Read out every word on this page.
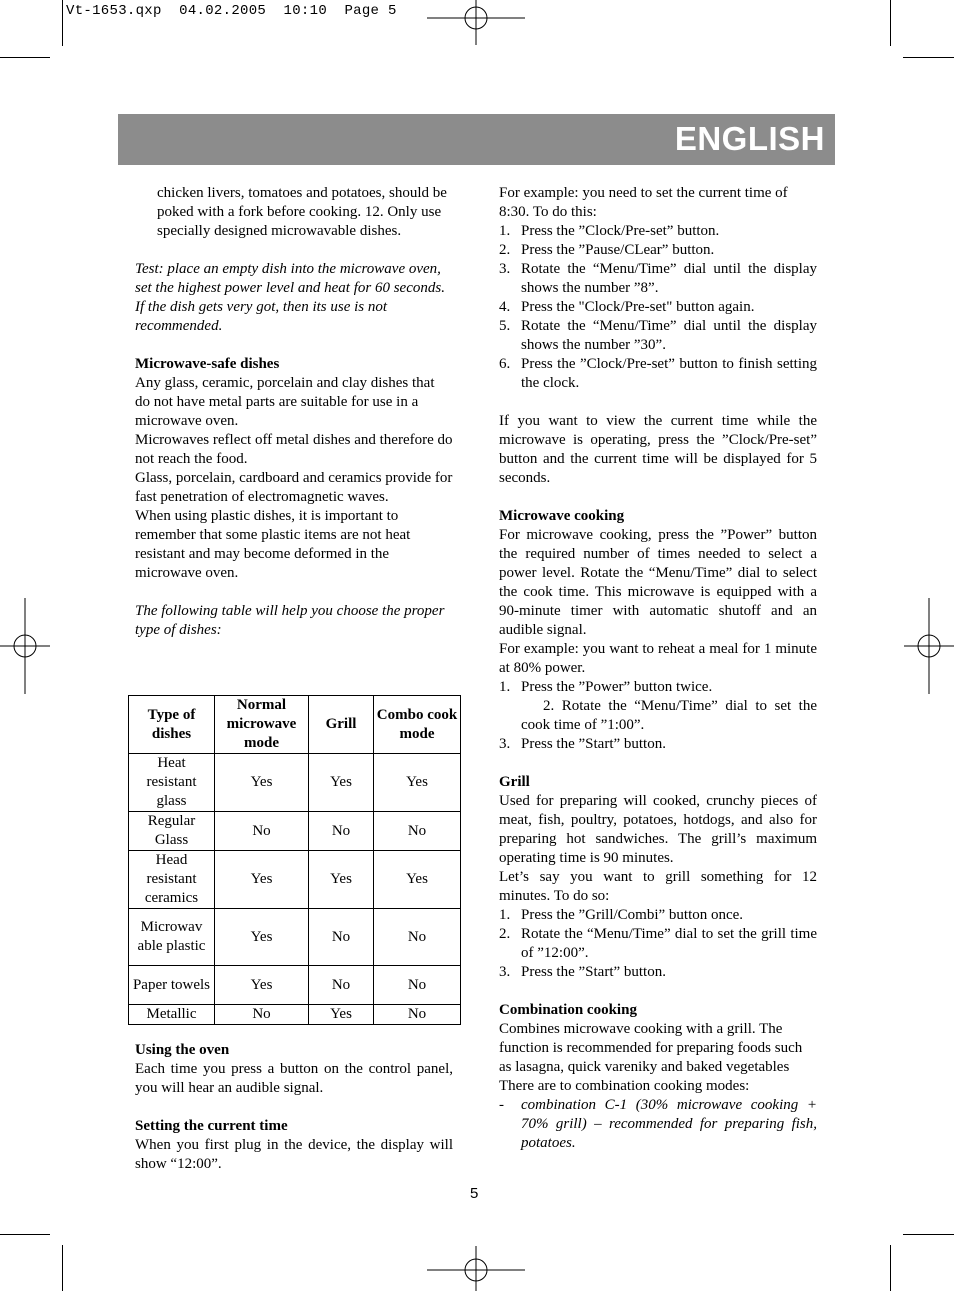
Vt-1653.qxp  04.02.2005  10:10  Page 5
ENGLISH

chicken livers, tomatoes and potatoes, should be poked with a fork before cooking. 12. Only use specially designed microwavable dishes.

Test: place an empty dish into the microwave oven, set the highest power level and heat for 60 seconds. If the dish gets very got, then its use is not recommended.

Microwave-safe dishes

Any glass, ceramic, porcelain and clay dishes that do not have metal parts are suitable for use in a microwave oven.

Microwaves reflect off metal dishes and therefore do not reach the food.

Glass, porcelain, cardboard and ceramics provide for fast penetration of electromagnetic waves.

When using plastic dishes, it is important to remember that some plastic items are not heat resistant and may become deformed in the microwave oven.

The following table will help you choose the proper type of dishes:

Type of dishes	Normal microwave mode	Grill	Combo cook mode
Heat resistant glass	Yes	Yes	Yes
Regular Glass	No	No	No
Head resistant ceramics	Yes	Yes	Yes
Microwav able plastic	Yes	No	No
Paper towels	Yes	No	No
Metallic	No	Yes	No

Using the oven

Each time you press a button on the control panel, you will hear an audible signal.

Setting the current time

When you first plug in the device, the display will show “12:00”.

For example: you need to set the current time of 8:30. To do this:

1. Press the ”Clock/Pre-set” button.
2. Press the ”Pause/CLear” button.
3. Rotate the “Menu/Time” dial until the display shows the number ”8”.
4. Press the "Clock/Pre-set" button again.
5. Rotate the “Menu/Time” dial until the display shows the number ”30”.
6. Press the ”Clock/Pre-set” button to finish setting the clock.

If you want to view the current time while the microwave is operating, press the ”Clock/Pre-set” button and the current time will be displayed for 5 seconds.

Microwave cooking

For microwave cooking, press the ”Power” button the required number of times needed to select a power level. Rotate the “Menu/Time” dial to select the cook time. This microwave is equipped with a 90-minute timer with automatic shutoff and an audible signal.

For example: you want to reheat a meal for 1 minute at 80% power.

1. Press the ”Power” button twice.
2. Rotate the “Menu/Time” dial to set the cook time of ”1:00”.
3. Press the ”Start” button.

Grill

Used for preparing will cooked, crunchy pieces of meat, fish, poultry, potatoes, hotdogs, and also for preparing hot sandwiches. The grill’s maximum operating time is 90 minutes.

Let’s say you want to grill something for 12 minutes. To do so:

1. Press the ”Grill/Combi” button once.
2. Rotate the “Menu/Time” dial to set the grill time of ”12:00”.
3. Press the ”Start” button.

Combination cooking

Combines microwave cooking with a grill. The function is recommended for preparing foods such as lasagna, quick vareniky and baked vegetables

There are to combination cooking modes:

- combination C-1 (30% microwave cooking + 70% grill) – recommended for preparing fish, potatoes.
5
